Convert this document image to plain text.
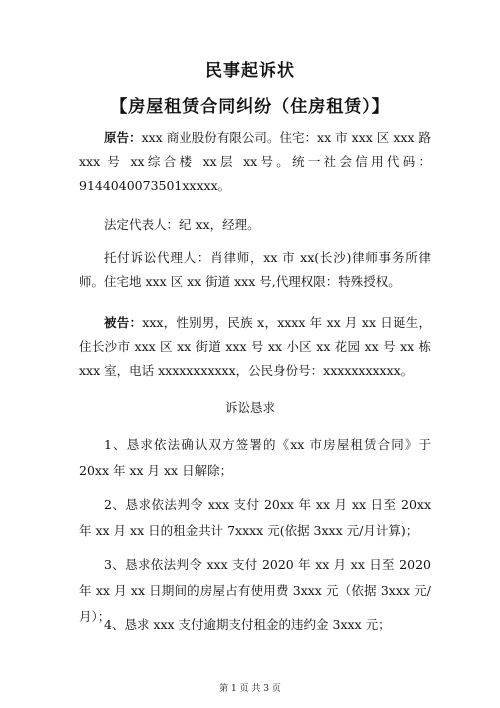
民事起诉状
【房屋租赁合同纠纷（住房租赁）】
原告：xxx 商业股份有限公司。住宅：xx 市 xxx 区 xxx 路 xxx 号 xx综合楼 xx层 xx号。统一社会信用代码：9144040073501xxxxx。
法定代表人：纪 xx，经理。
托付诉讼代理人：肖律师，xx 市 xx(长沙)律师事务所律师。住宅地 xxx 区 xx 街道 xxx 号,代理权限：特殊授权。
被告：xxx，性别男，民族 x，xxxx 年 xx 月 xx 日诞生，住长沙市 xxx 区 xx 街道 xxx 号 xx 小区 xx 花园 xx 号 xx 栋 xxx 室，电话 xxxxxxxxxxx，公民身份号：xxxxxxxxxxx。
诉讼恳求
1、恳求依法确认双方签署的《xx 市房屋租赁合同》于 20xx 年 xx 月 xx 日解除；
2、恳求依法判令 xxx 支付 20xx 年 xx 月 xx 日至 20xx 年 xx 月 xx 日的租金共计 7xxxx 元(依据 3xxx 元/月计算)；
3、恳求依法判令 xxx 支付 2020 年 xx 月 xx 日至 2020 年 xx 月 xx 日期间的房屋占有使用费 3xxx 元（依据 3xxx 元/月）；
4、恳求 xxx 支付逾期支付租金的违约金 3xxx 元；
第 1 页 共 3 页
